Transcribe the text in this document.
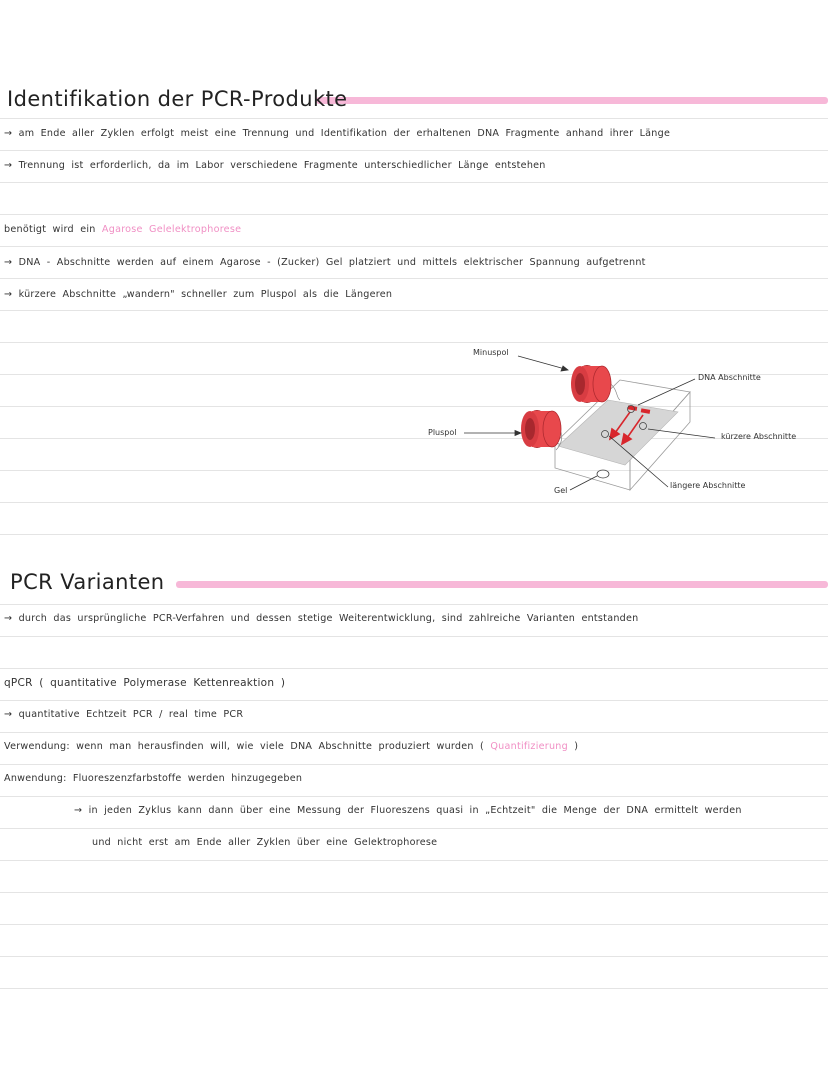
Identifikation der PCR-Produkte
→ am Ende aller Zyklen erfolgt meist eine Trennung und Identifikation der erhaltenen DNA Fragmente anhand ihrer Länge
→ Trennung ist erforderlich, da im Labor verschiedene Fragmente unterschiedlicher Länge entstehen
benötigt wird ein Agarose Gelelektrophorese
→ DNA - Abschnitte werden auf einem Agarose - (Zucker) Gel platziert und mittels elektrischer Spannung aufgetrennt
→ kürzere Abschnitte „wandern" schneller zum Pluspol als die Längeren
Minuspol
Pluspol
Gel
DNA Abschnitte
kürzere Abschnitte
längere Abschnitte
PCR Varianten
→ durch das ursprüngliche PCR-Verfahren und dessen stetige Weiterentwicklung, sind zahlreiche Varianten entstanden
qPCR ( quantitative Polymerase Kettenreaktion )
→ quantitative Echtzeit PCR / real time PCR
Verwendung: wenn man herausfinden will, wie viele DNA Abschnitte produziert wurden ( Quantifizierung )
Anwendung: Fluoreszenzfarbstoffe werden hinzugegeben
→ in jeden Zyklus kann dann über eine Messung der Fluoreszens quasi in „Echtzeit" die Menge der DNA ermittelt werden
und nicht erst am Ende aller Zyklen über eine Gelektrophorese
